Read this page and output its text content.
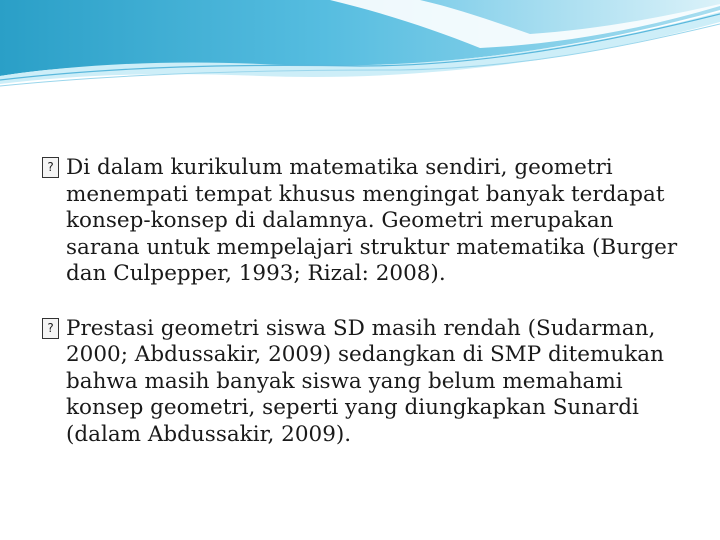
?
Di dalam kurikulum matematika sendiri, geometri menempati tempat khusus mengingat banyak terdapat konsep-konsep di dalamnya. Geometri merupakan sarana untuk mempelajari struktur matematika (Burger dan Culpepper, 1993; Rizal: 2008).
?
Prestasi geometri siswa SD masih rendah (Sudarman, 2000; Abdussakir, 2009) sedangkan di SMP ditemukan bahwa masih banyak siswa yang belum memahami konsep geometri, seperti yang diungkapkan Sunardi (dalam Abdussakir, 2009).
